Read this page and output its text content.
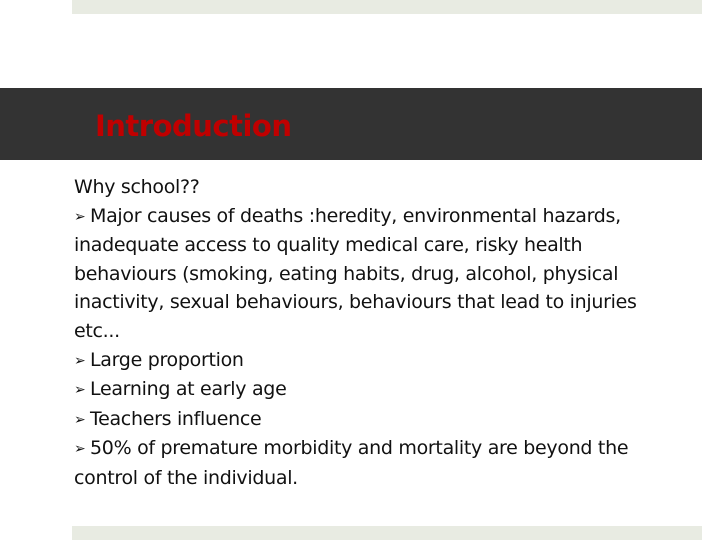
Introduction

Why school??

➢ Major causes of deaths :heredity, environmental hazards, inadequate access to quality medical care, risky health behaviours (smoking, eating habits, drug, alcohol, physical inactivity, sexual behaviours, behaviours that lead to injuries etc...

➢ Large proportion

➢ Learning at early age

➢ Teachers influence

➢ 50% of premature morbidity and mortality are beyond the control of the individual.
